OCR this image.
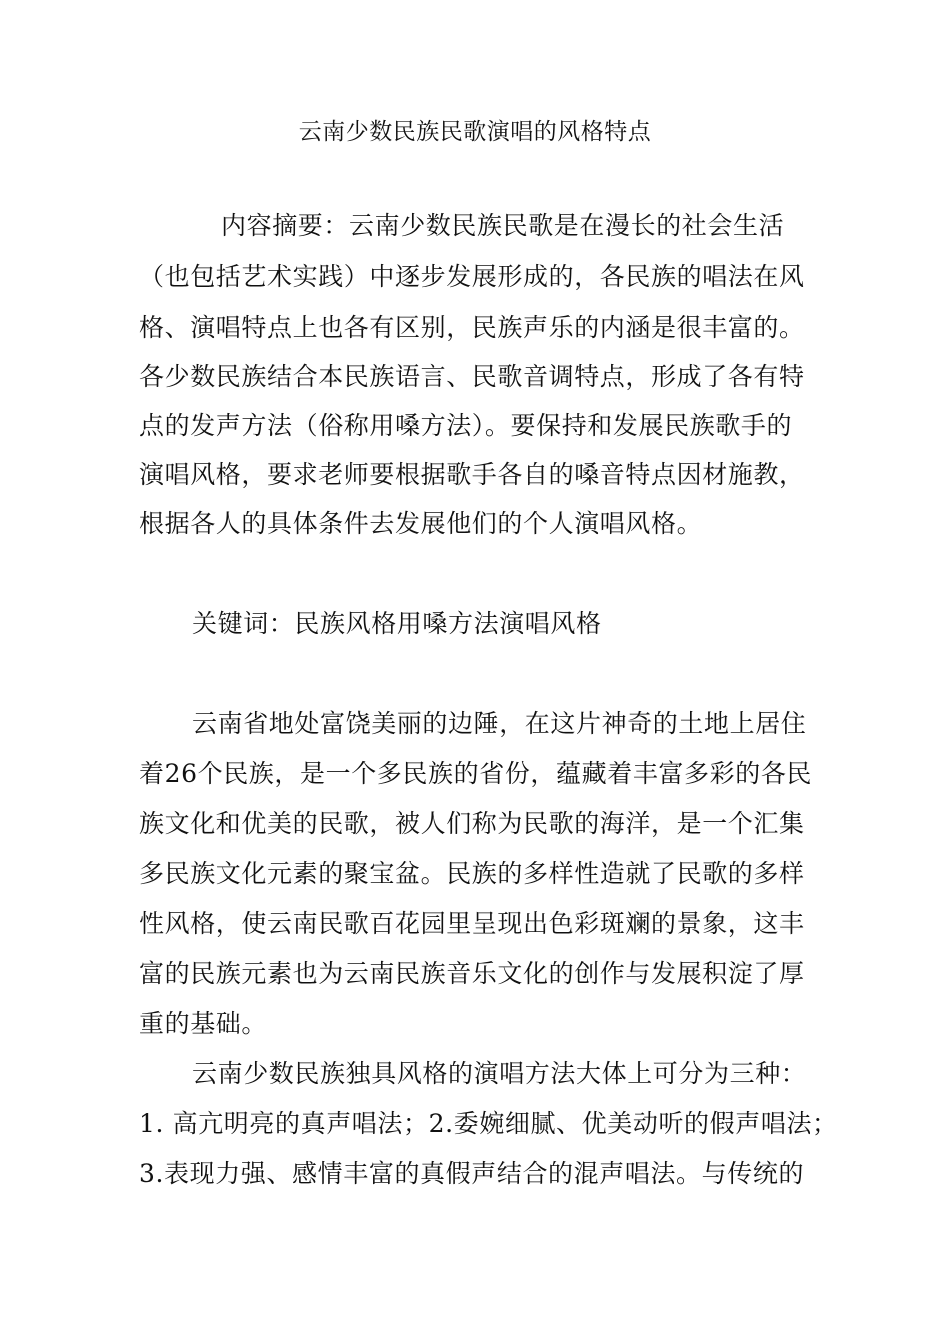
云南少数民族民歌演唱的风格特点
内容摘要：云南少数民族民歌是在漫长的社会生活
（也包括艺术实践）中逐步发展形成的，各民族的唱法在风
格、演唱特点上也各有区别，民族声乐的内涵是很丰富的。
各少数民族结合本民族语言、民歌音调特点，形成了各有特
点的发声方法（俗称用嗓方法）。要保持和发展民族歌手的
演唱风格，要求老师要根据歌手各自的嗓音特点因材施教，
根据各人的具体条件去发展他们的个人演唱风格。
关键词：民族风格用嗓方法演唱风格
云南省地处富饶美丽的边陲，在这片神奇的土地上居住
着26个民族，是一个多民族的省份，蕴藏着丰富多彩的各民
族文化和优美的民歌，被人们称为民歌的海洋，是一个汇集
多民族文化元素的聚宝盆。民族的多样性造就了民歌的多样
性风格，使云南民歌百花园里呈现出色彩斑斓的景象，这丰
富的民族元素也为云南民族音乐文化的创作与发展积淀了厚
重的基础。
云南少数民族独具风格的演唱方法大体上可分为三种：
1. 高亢明亮的真声唱法；2.委婉细腻、优美动听的假声唱法；
3.表现力强、感情丰富的真假声结合的混声唱法。与传统的
